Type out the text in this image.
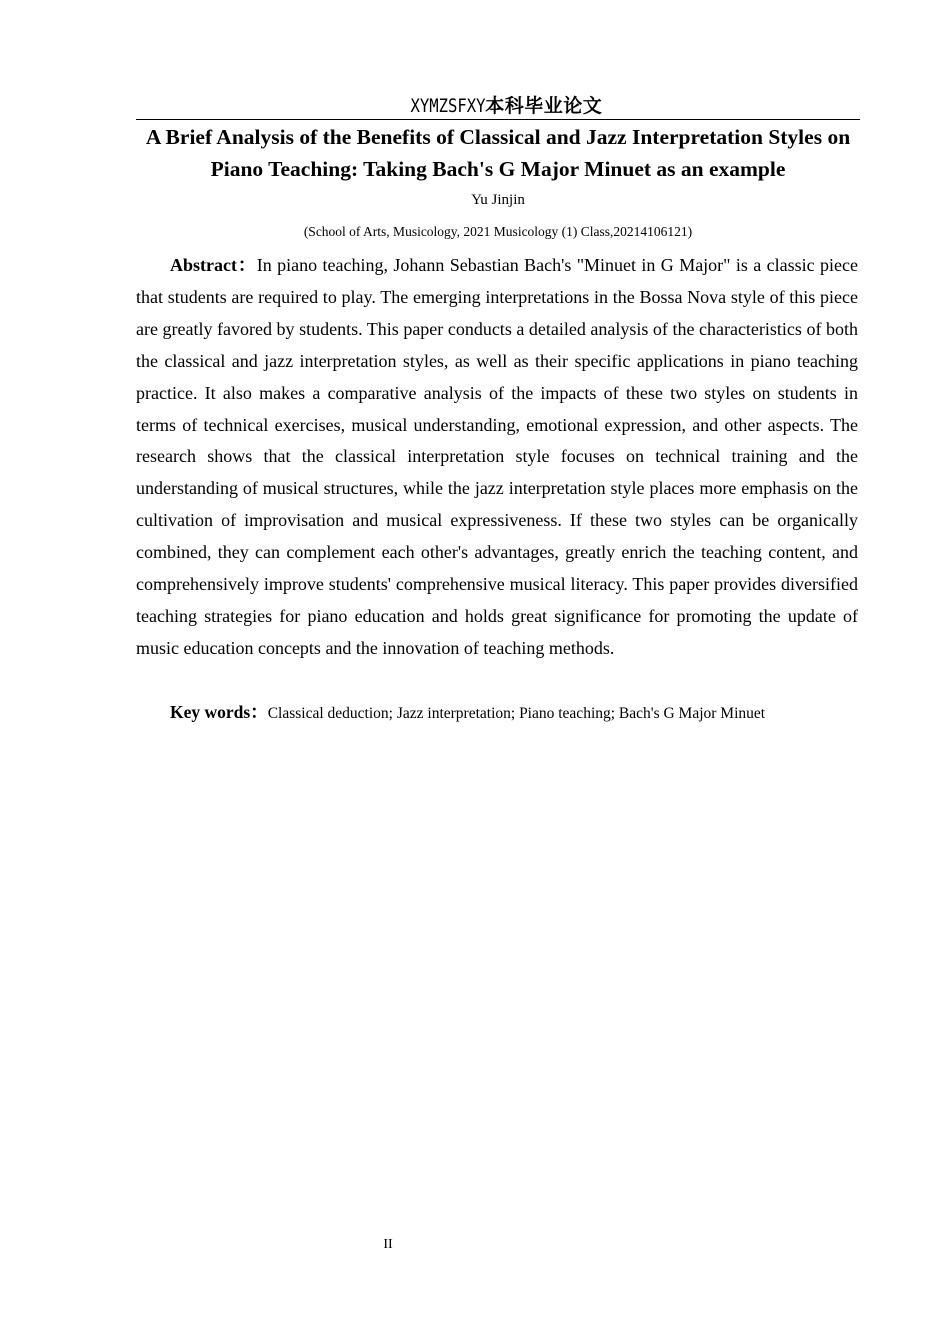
XYMZSFXY本科毕业论文
A Brief Analysis of the Benefits of Classical and Jazz Interpretation Styles on Piano Teaching: Taking Bach's G Major Minuet as an example
Yu Jinjin
(School of Arts, Musicology, 2021 Musicology (1) Class,20214106121)

Abstract：In piano teaching, Johann Sebastian Bach's "Minuet in G Major" is a classic piece that students are required to play. The emerging interpretations in the Bossa Nova style of this piece are greatly favored by students. This paper conducts a detailed analysis of the characteristics of both the classical and jazz interpretation styles, as well as their specific applications in piano teaching practice. It also makes a comparative analysis of the impacts of these two styles on students in terms of technical exercises, musical understanding, emotional expression, and other aspects. The research shows that the classical interpretation style focuses on technical training and the understanding of musical structures, while the jazz interpretation style places more emphasis on the cultivation of improvisation and musical expressiveness. If these two styles can be organically combined, they can complement each other's advantages, greatly enrich the teaching content, and comprehensively improve students' comprehensive musical literacy. This paper provides diversified teaching strategies for piano education and holds great significance for promoting the update of music education concepts and the innovation of teaching methods.

Key words：Classical deduction; Jazz interpretation; Piano teaching; Bach's G Major Minuet
II
